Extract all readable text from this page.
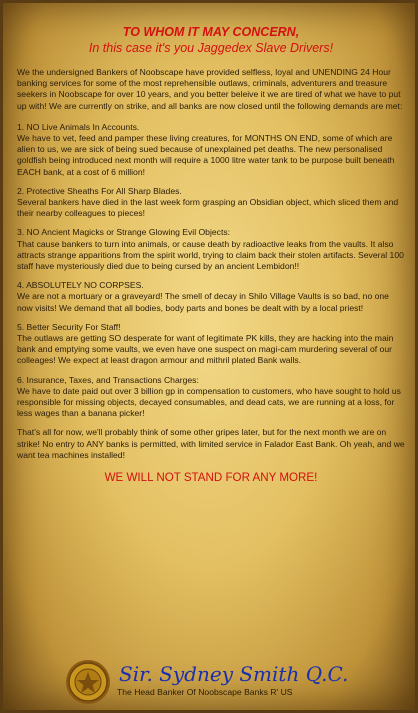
TO WHOM IT MAY CONCERN,
In this case it's you Jaggedex Slave Drivers!
We the undersigned Bankers of Noobscape have provided selfless, loyal and UNENDING 24 Hour banking services for some of the most reprehensible outlaws, criminals, adventurers and treasure seekers in Noobscape for over 10 years, and you better beleive it we are tired of what we have to put up with! We are currently on strike, and all banks are now closed until the following demands are met:
1. NO Live Animals In Accounts.
We have to vet, feed and pamper these living creatures, for MONTHS ON END, some of which are alien to us, we are sick of being sued because of unexplained pet deaths. The new personalised goldfish being introduced next month will require a 1000 litre water tank to be purpose built beneath EACH bank, at a cost of 6 million!
2. Protective Sheaths For All Sharp Blades.
Several bankers have died in the last week form grasping an Obsidian object, which sliced them and their nearby colleagues to pieces!
3. NO Ancient Magicks or Strange Glowing Evil Objects:
That cause bankers to turn into animals, or cause death by radioactive leaks from the vaults. It also attracts strange apparitions from the spirit world, trying to claim back their stolen artifacts. Several 100 staff have mysteriously died due to being cursed by an ancient Lembidon!!
4. ABSOLUTELY NO CORPSES.
We are not a mortuary or a graveyard! The smell of decay in Shilo Village Vaults is so bad, no one now visits! We demand that all bodies, body parts and bones be dealt with by a local priest!
5. Better Security For Staff!
The outlaws are getting SO desperate for want of legitimate PK kills, they are hacking into the main bank and emptying some vaults, we even have one suspect on magi-cam murdering several of our colleages! We expect at least dragon armour and mithril plated Bank walls.
6. Insurance, Taxes, and Transactions Charges:
We have to date paid out over 3 billion gp in compensation to customers, who have sought to hold us responsible for missing objects, decayed consumables, and dead cats, we are running at a loss, for less wages than a banana picker!
That's all for now, we'll probably think of some other gripes later, but for the next month we are on strike! No entry to ANY banks is permitted, with limited service in Falador East Bank. Oh yeah, and we want tea machines installed!
WE WILL NOT STAND FOR ANY MORE!
Sir. Sydney Smith Q.C.
The Head Banker Of Noobscape Banks R' US
